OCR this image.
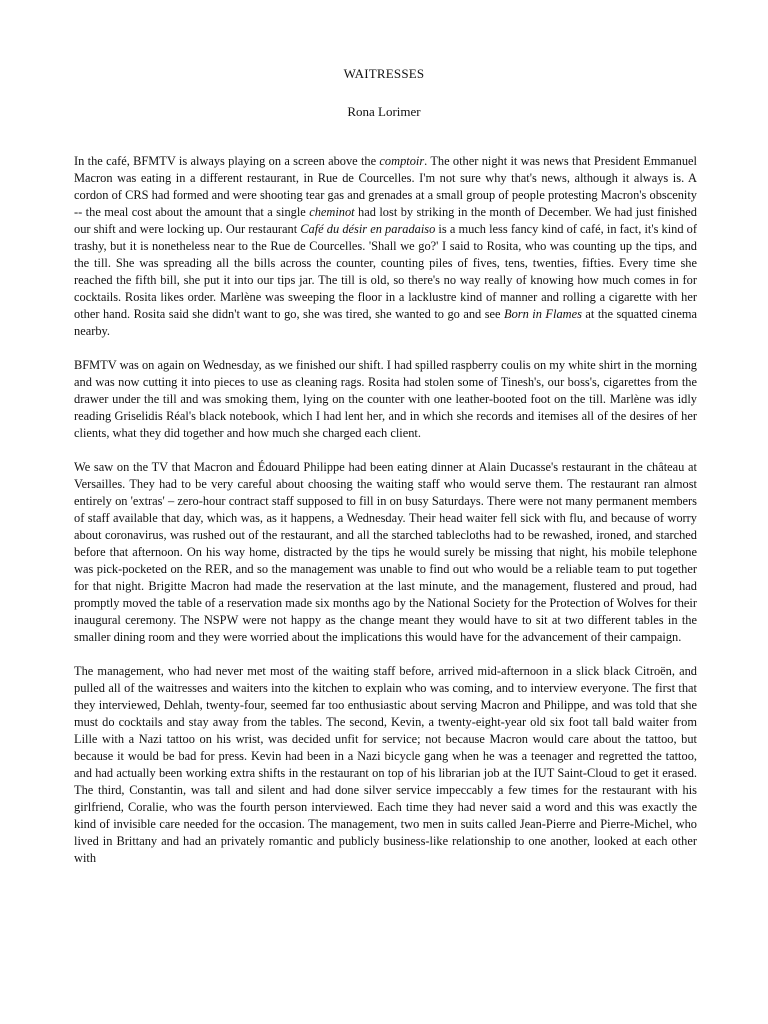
WAITRESSES

Rona Lorimer

In the café, BFMTV is always playing on a screen above the comptoir. The other night it was news that President Emmanuel Macron was eating in a different restaurant, in Rue de Courcelles. I'm not sure why that's news, although it always is. A cordon of CRS had formed and were shooting tear gas and grenades at a small group of people protesting Macron's obscenity -- the meal cost about the amount that a single cheminot had lost by striking in the month of December. We had just finished our shift and were locking up. Our restaurant Café du désir en paradaiso is a much less fancy kind of café, in fact, it's kind of trashy, but it is nonetheless near to the Rue de Courcelles. 'Shall we go?' I said to Rosita, who was counting up the tips, and the till. She was spreading all the bills across the counter, counting piles of fives, tens, twenties, fifties. Every time she reached the fifth bill, she put it into our tips jar. The till is old, so there's no way really of knowing how much comes in for cocktails. Rosita likes order. Marlène was sweeping the floor in a lacklustre kind of manner and rolling a cigarette with her other hand. Rosita said she didn't want to go, she was tired, she wanted to go and see Born in Flames at the squatted cinema nearby.

BFMTV was on again on Wednesday, as we finished our shift. I had spilled raspberry coulis on my white shirt in the morning and was now cutting it into pieces to use as cleaning rags. Rosita had stolen some of Tinesh's, our boss's, cigarettes from the drawer under the till and was smoking them, lying on the counter with one leather-booted foot on the till. Marlène was idly reading Griselidis Réal's black notebook, which I had lent her, and in which she records and itemises all of the desires of her clients, what they did together and how much she charged each client.

We saw on the TV that Macron and Édouard Philippe had been eating dinner at Alain Ducasse's restaurant in the château at Versailles. They had to be very careful about choosing the waiting staff who would serve them. The restaurant ran almost entirely on 'extras' – zero-hour contract staff supposed to fill in on busy Saturdays. There were not many permanent members of staff available that day, which was, as it happens, a Wednesday. Their head waiter fell sick with flu, and because of worry about coronavirus, was rushed out of the restaurant, and all the starched tablecloths had to be rewashed, ironed, and starched before that afternoon. On his way home, distracted by the tips he would surely be missing that night, his mobile telephone was pick-pocketed on the RER, and so the management was unable to find out who would be a reliable team to put together for that night. Brigitte Macron had made the reservation at the last minute, and the management, flustered and proud, had promptly moved the table of a reservation made six months ago by the National Society for the Protection of Wolves for their inaugural ceremony. The NSPW were not happy as the change meant they would have to sit at two different tables in the smaller dining room and they were worried about the implications this would have for the advancement of their campaign.

The management, who had never met most of the waiting staff before, arrived mid-afternoon in a slick black Citroën, and pulled all of the waitresses and waiters into the kitchen to explain who was coming, and to interview everyone. The first that they interviewed, Dehlah, twenty-four, seemed far too enthusiastic about serving Macron and Philippe, and was told that she must do cocktails and stay away from the tables. The second, Kevin, a twenty-eight-year old six foot tall bald waiter from Lille with a Nazi tattoo on his wrist, was decided unfit for service; not because Macron would care about the tattoo, but because it would be bad for press. Kevin had been in a Nazi bicycle gang when he was a teenager and regretted the tattoo, and had actually been working extra shifts in the restaurant on top of his librarian job at the IUT Saint-Cloud to get it erased. The third, Constantin, was tall and silent and had done silver service impeccably a few times for the restaurant with his girlfriend, Coralie, who was the fourth person interviewed. Each time they had never said a word and this was exactly the kind of invisible care needed for the occasion. The management, two men in suits called Jean-Pierre and Pierre-Michel, who lived in Brittany and had an privately romantic and publicly business-like relationship to one another, looked at each other with
